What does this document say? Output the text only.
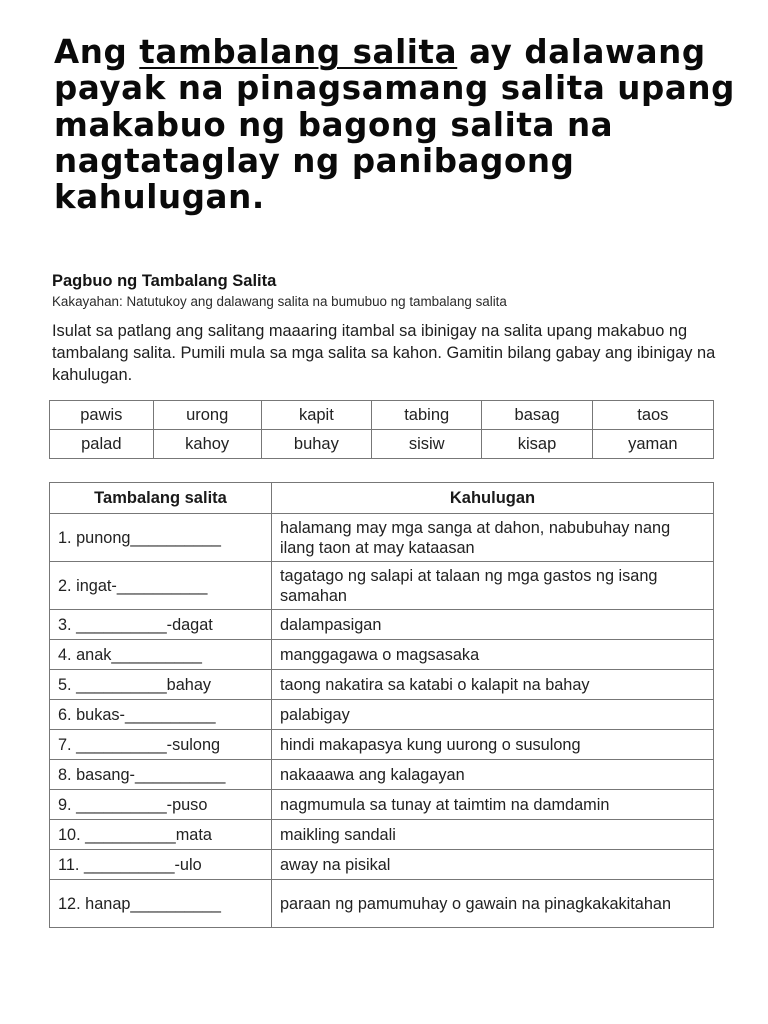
Ang tambalang salita ay dalawang payak na pinagsamang salita upang makabuo ng bagong salita na nagtataglay ng panibagong kahulugan.
Pagbuo ng Tambalang Salita
Kakayahan: Natutukoy ang dalawang salita na bumubuo ng tambalang salita
Isulat sa patlang ang salitang maaaring itambal sa ibinigay na salita upang makabuo ng tambalang salita. Pumili mula sa mga salita sa kahon. Gamitin bilang gabay ang ibinigay na kahulugan.
pawis	urong	kapit	tabing	basag	taos
palad	kahoy	buhay	sisiw	kisap	yaman
Tambalang salita	Kahulugan
1. punong__________	halamang may mga sanga at dahon, nabubuhay nang ilang taon at may kataasan
2. ingat-__________	tagatago ng salapi at talaan ng mga gastos ng isang samahan
3. __________-dagat	dalampasigan
4. anak__________	manggagawa o magsasaka
5. __________bahay	taong nakatira sa katabi o kalapit na bahay
6. bukas-__________	palabigay
7. __________-sulong	hindi makapasya kung uurong o susulong
8. basang-__________	nakaaawa ang kalagayan
9. __________-puso	nagmumula sa tunay at taimtim na damdamin
10. __________mata	maikling sandali
11. __________-ulo	away na pisikal
12. hanap__________	paraan ng pamumuhay o gawain na pinagkakakitahan
